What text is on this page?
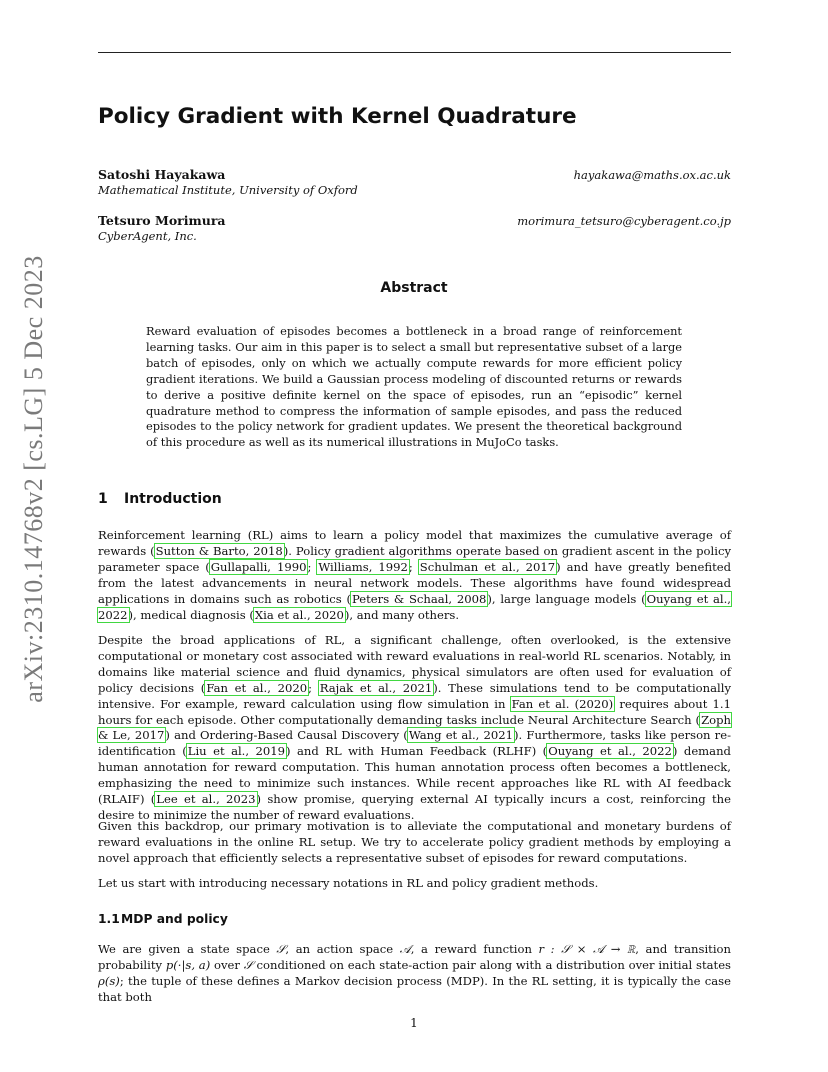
arXiv:2310.14768v2 [cs.LG] 5 Dec 2023
Policy Gradient with Kernel Quadrature
Satoshi Hayakawa
Mathematical Institute, University of Oxford
hayakawa@maths.ox.ac.uk
Tetsuro Morimura
CyberAgent, Inc.
morimura_tetsuro@cyberagent.co.jp
Abstract
Reward evaluation of episodes becomes a bottleneck in a broad range of reinforcement learning tasks. Our aim in this paper is to select a small but representative subset of a large batch of episodes, only on which we actually compute rewards for more efficient policy gradient iterations. We build a Gaussian process modeling of discounted returns or rewards to derive a positive definite kernel on the space of episodes, run an “episodic” kernel quadrature method to compress the information of sample episodes, and pass the reduced episodes to the policy network for gradient updates. We present the theoretical background of this procedure as well as its numerical illustrations in MuJoCo tasks.
1 Introduction
Reinforcement learning (RL) aims to learn a policy model that maximizes the cumulative average of rewards (Sutton & Barto, 2018). Policy gradient algorithms operate based on gradient ascent in the policy parameter space (Gullapalli, 1990; Williams, 1992; Schulman et al., 2017) and have greatly benefited from the latest advancements in neural network models. These algorithms have found widespread applications in domains such as robotics (Peters & Schaal, 2008), large language models (Ouyang et al., 2022), medical diagnosis (Xia et al., 2020), and many others.
Despite the broad applications of RL, a significant challenge, often overlooked, is the extensive computational or monetary cost associated with reward evaluations in real-world RL scenarios. Notably, in domains like material science and fluid dynamics, physical simulators are often used for evaluation of policy decisions (Fan et al., 2020; Rajak et al., 2021). These simulations tend to be computationally intensive. For example, reward calculation using flow simulation in Fan et al. (2020) requires about 1.1 hours for each episode. Other computationally demanding tasks include Neural Architecture Search (Zoph & Le, 2017) and Ordering-Based Causal Discovery (Wang et al., 2021). Furthermore, tasks like person re-identification (Liu et al., 2019) and RL with Human Feedback (RLHF) (Ouyang et al., 2022) demand human annotation for reward computation. This human annotation process often becomes a bottleneck, emphasizing the need to minimize such instances. While recent approaches like RL with AI feedback (RLAIF) (Lee et al., 2023) show promise, querying external AI typically incurs a cost, reinforcing the desire to minimize the number of reward evaluations.
Given this backdrop, our primary motivation is to alleviate the computational and monetary burdens of reward evaluations in the online RL setup. We try to accelerate policy gradient methods by employing a novel approach that efficiently selects a representative subset of episodes for reward computations.
Let us start with introducing necessary notations in RL and policy gradient methods.
1.1MDP and policy
We are given a state space 𝒮, an action space 𝒜, a reward function r : 𝒮 × 𝒜 → ℝ, and transition probability p(·|s, a) over 𝒮 conditioned on each state-action pair along with a distribution over initial states ρ(s); the tuple of these defines a Markov decision process (MDP). In the RL setting, it is typically the case that both
1
